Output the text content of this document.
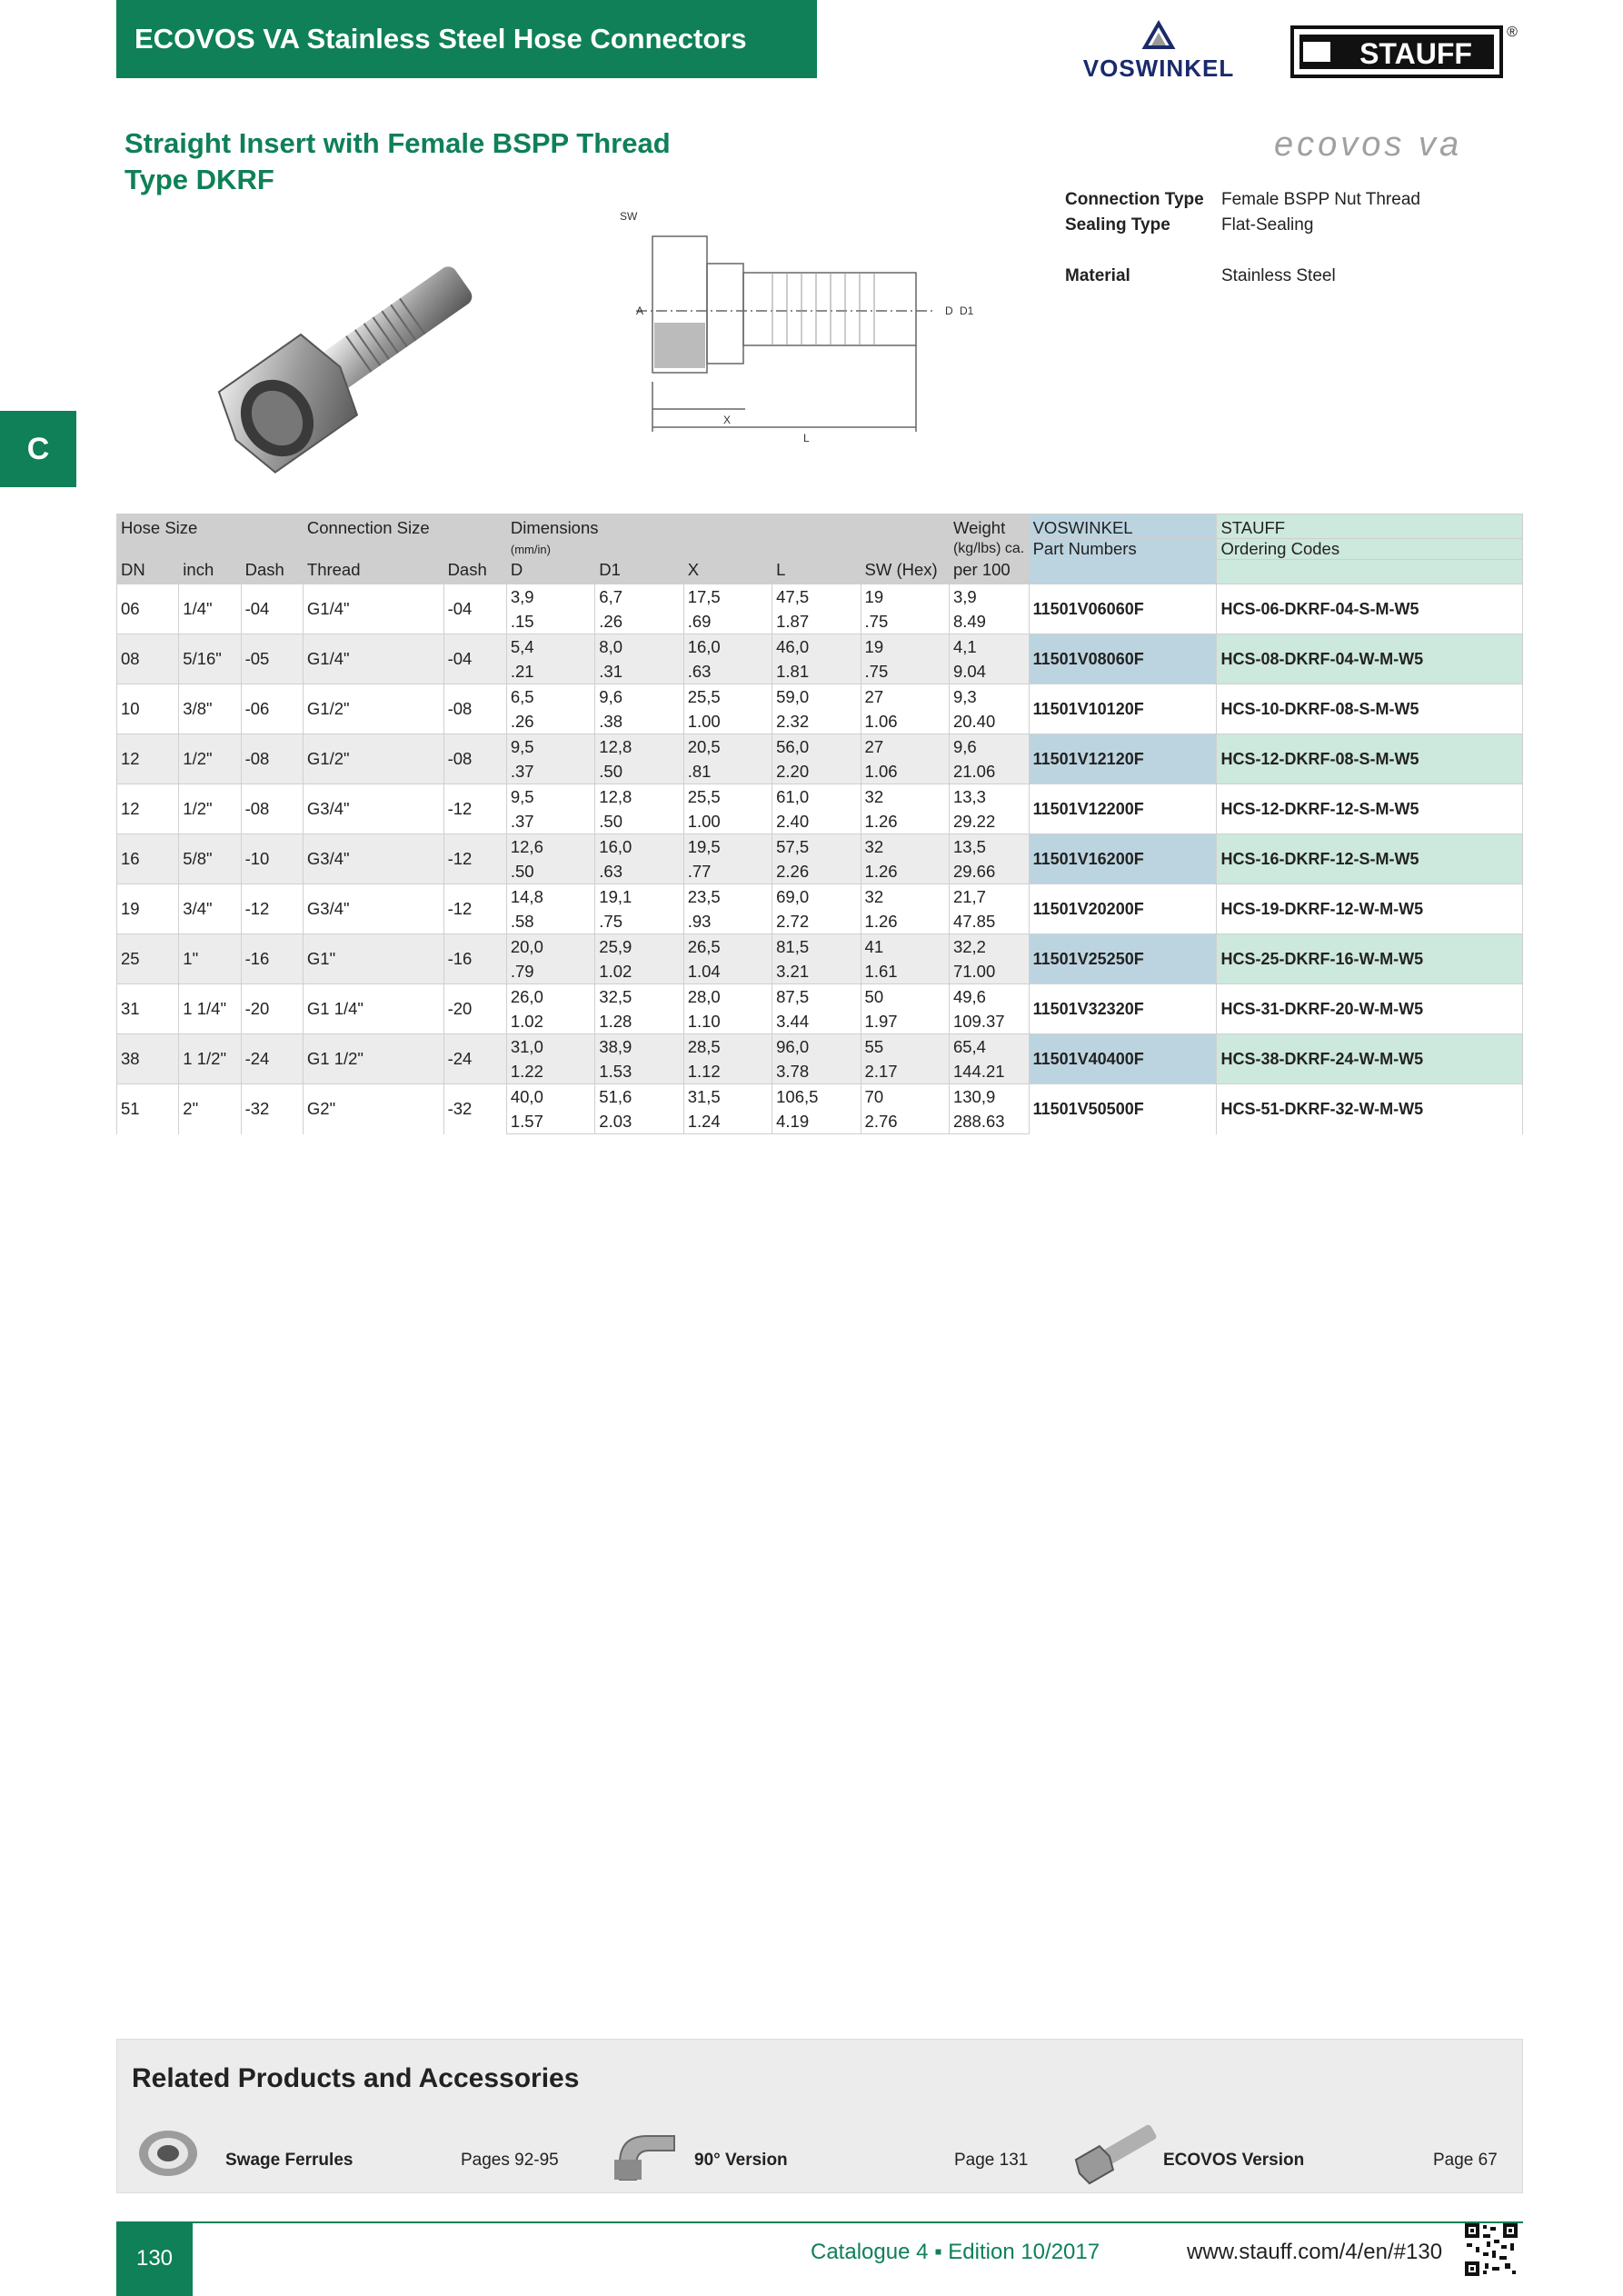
ECOVOS VA Stainless Steel Hose Connectors
VOSWINKEL	STAUFF
®
C
Straight Insert with Female BSPP Thread
Type DKRF
ecovos va
Connection Type Female BSPP Nut Thread
Sealing Type	Flat-Sealing
Material	Stainless Steel
SW
A	D D1
X
L
Hose Size			Connection Size		Dimensions					Weight	VOSWINKEL	STAUFF
					(mm/in)					(kg/lbs) ca.	Part Numbers	Ordering Codes
DN	inch	Dash	Thread	Dash	D	D1	X	L	SW (Hex)	per 100		
06	1/4"	-04	G1/4"	-04	3,9	6,7	17,5	47,5	19	3,9	11501V06060F	HCS-06-DKRF-04-S-M-W5
					.15	.26	.69	1.87	.75	8.49		
08	5/16"	-05	G1/4"	-04	5,4	8,0	16,0	46,0	19	4,1	11501V08060F	HCS-08-DKRF-04-W-M-W5
					.21	.31	.63	1.81	.75	9.04		
10	3/8"	-06	G1/2"	-08	6,5	9,6	25,5	59,0	27	9,3	11501V10120F	HCS-10-DKRF-08-S-M-W5
					.26	.38	1.00	2.32	1.06	20.40		
12	1/2"	-08	G1/2"	-08	9,5	12,8	20,5	56,0	27	9,6	11501V12120F	HCS-12-DKRF-08-S-M-W5
					.37	.50	.81	2.20	1.06	21.06		
12	1/2"	-08	G3/4"	-12	9,5	12,8	25,5	61,0	32	13,3	11501V12200F	HCS-12-DKRF-12-S-M-W5
					.37	.50	1.00	2.40	1.26	29.22		
16	5/8"	-10	G3/4"	-12	12,6	16,0	19,5	57,5	32	13,5	11501V16200F	HCS-16-DKRF-12-S-M-W5
					.50	.63	.77	2.26	1.26	29.66		
19	3/4"	-12	G3/4"	-12	14,8	19,1	23,5	69,0	32	21,7	11501V20200F	HCS-19-DKRF-12-W-M-W5
					.58	.75	.93	2.72	1.26	47.85		
25	1"	-16	G1"	-16	20,0	25,9	26,5	81,5	41	32,2	11501V25250F	HCS-25-DKRF-16-W-M-W5
					.79	1.02	1.04	3.21	1.61	71.00		
31	1 1/4"	-20	G1 1/4"	-20	26,0	32,5	28,0	87,5	50	49,6	11501V32320F	HCS-31-DKRF-20-W-M-W5
					1.02	1.28	1.10	3.44	1.97	109.37		
38	1 1/2"	-24	G1 1/2"	-24	31,0	38,9	28,5	96,0	55	65,4	11501V40400F	HCS-38-DKRF-24-W-M-W5
					1.22	1.53	1.12	3.78	2.17	144.21		
51	2"	-32	G2"	-32	40,0	51,6	31,5	106,5	70	130,9	11501V50500F	HCS-51-DKRF-32-W-M-W5
					1.57	2.03	1.24	4.19	2.76	288.63		
Related Products and Accessories
Swage Ferrules	Pages 92-95	90° Version	Page 131	ECOVOS Version	Page 67
130	Catalogue 4 ▪ Edition 10/2017	www.stauff.com/4/en/#130
